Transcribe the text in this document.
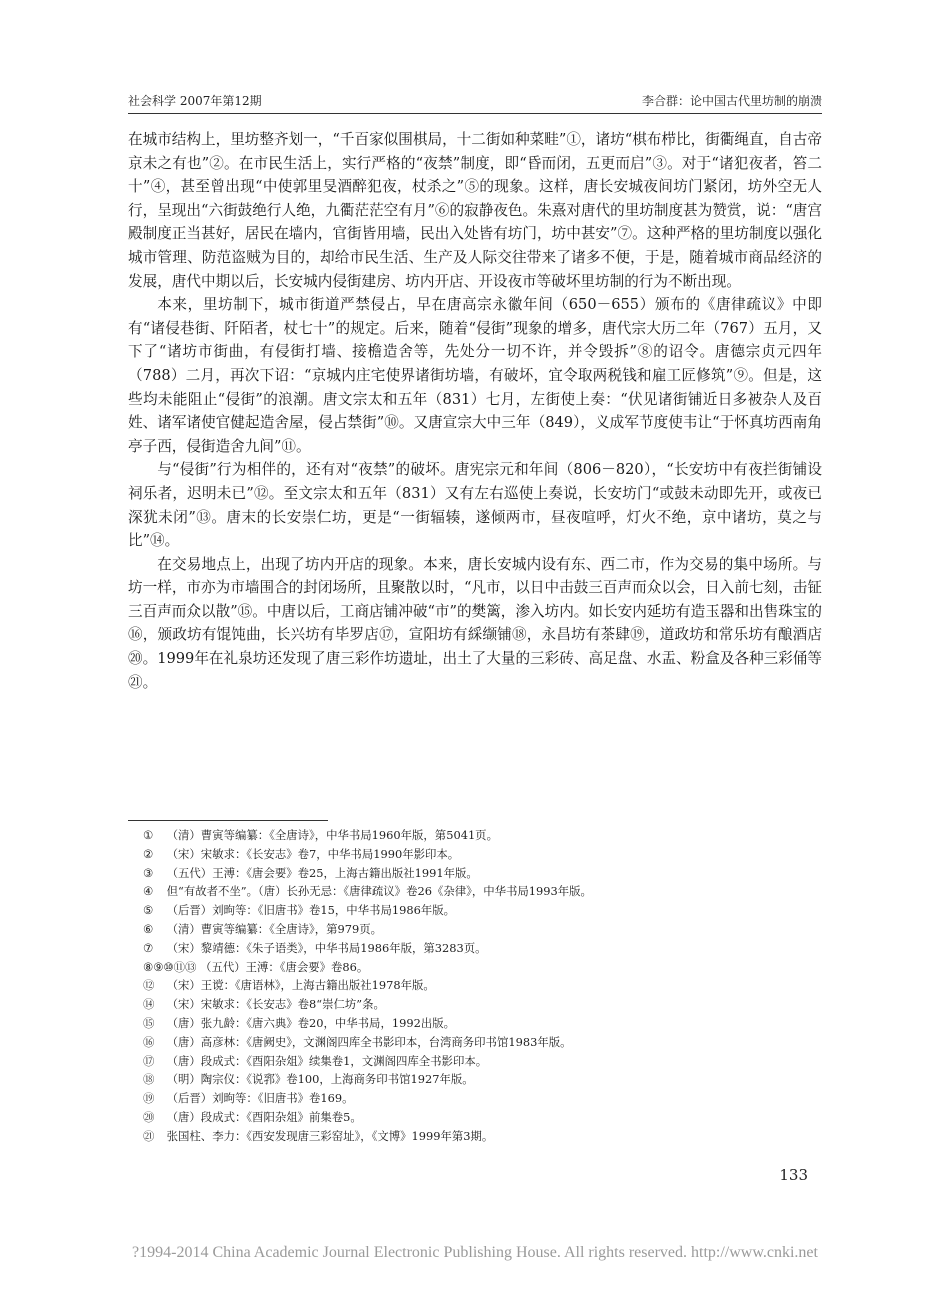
社会科学 2007年第12期	李合群：论中国古代里坊制的崩溃

在城市结构上，里坊整齐划一，“千百家似围棋局，十二街如种菜畦”①，诸坊“棋布栉比，街衢绳直，自古帝京未之有也”②。在市民生活上，实行严格的“夜禁”制度，即“昏而闭，五更而启”③。对于“诸犯夜者，笞二十”④，甚至曾出现“中使郭里旻酒醉犯夜，杖杀之”⑤的现象。这样，唐长安城夜间坊门紧闭，坊外空无人行，呈现出“六街鼓绝行人绝，九衢茫茫空有月”⑥的寂静夜色。朱熹对唐代的里坊制度甚为赞赏，说：“唐宫殿制度正当甚好，居民在墙内，官街皆用墙，民出入处皆有坊门，坊中甚安”⑦。这种严格的里坊制度以强化城市管理、防范盗贼为目的，却给市民生活、生产及人际交往带来了诸多不便，于是，随着城市商品经济的发展，唐代中期以后，长安城内侵街建房、坊内开店、开设夜市等破坏里坊制的行为不断出现。

本来，里坊制下，城市街道严禁侵占，早在唐高宗永徽年间（650－655）颁布的《唐律疏议》中即有“诸侵巷街、阡陌者，杖七十”的规定。后来，随着“侵街”现象的增多，唐代宗大历二年（767）五月，又下了“诸坊市街曲，有侵街打墙、接檐造舍等，先处分一切不许，并令毁拆”⑧的诏令。唐德宗贞元四年（788）二月，再次下诏：“京城内庄宅使界诸街坊墙，有破坏，宜令取两税钱和雇工匠修筑”⑨。但是，这些均未能阻止“侵街”的浪潮。唐文宗太和五年（831）七月，左街使上奏：“伏见诸街铺近日多被杂人及百姓、诸军诸使官健起造舍屋，侵占禁街”⑩。又唐宣宗大中三年（849），义成军节度使韦让“于怀真坊西南角亭子西，侵街造舍九间”⑪。

与“侵街”行为相伴的，还有对“夜禁”的破坏。唐宪宗元和年间（806－820），“长安坊中有夜拦街铺设祠乐者，迟明未已”⑫。至文宗太和五年（831）又有左右巡使上奏说，长安坊门“或鼓未动即先开，或夜已深犹未闭”⑬。唐末的长安崇仁坊，更是“一街辐辏，遂倾两市，昼夜喧呼，灯火不绝，京中诸坊，莫之与比”⑭。

在交易地点上，出现了坊内开店的现象。本来，唐长安城内设有东、西二市，作为交易的集中场所。与坊一样，市亦为市墙围合的封闭场所，且聚散以时，“凡市，以日中击鼓三百声而众以会，日入前七刻，击钲三百声而众以散”⑮。中唐以后，工商店铺冲破“市”的樊篱，渗入坊内。如长安内延坊有造玉器和出售珠宝的⑯，颁政坊有馄饨曲，长兴坊有毕罗店⑰，宣阳坊有綵缬铺⑱，永昌坊有茶肆⑲，道政坊和常乐坊有酿酒店⑳。1999年在礼泉坊还发现了唐三彩作坊遗址，出土了大量的三彩砖、高足盘、水盂、粉盒及各种三彩俑等㉑。

① （清）曹寅等编纂：《全唐诗》，中华书局1960年版，第5041页。
② （宋）宋敏求：《长安志》卷7，中华书局1990年影印本。
③ （五代）王溥：《唐会要》卷25，上海古籍出版社1991年版。
④ 但“有故者不坐”。（唐）长孙无忌：《唐律疏议》卷26《杂律》，中华书局1993年版。
⑤ （后晋）刘昫等：《旧唐书》卷15，中华书局1986年版。
⑥ （清）曹寅等编纂：《全唐诗》，第979页。
⑦ （宋）黎靖德：《朱子语类》，中华书局1986年版，第3283页。
⑧⑨⑩⑪⑬ （五代）王溥：《唐会要》卷86。
⑫ （宋）王谠：《唐语林》，上海古籍出版社1978年版。
⑭ （宋）宋敏求：《长安志》卷8“崇仁坊”条。
⑮ （唐）张九龄：《唐六典》卷20，中华书局，1992出版。
⑯ （唐）高彦林：《唐阙史》，文渊阁四库全书影印本，台湾商务印书馆1983年版。
⑰ （唐）段成式：《酉阳杂俎》续集卷1，文渊阁四库全书影印本。
⑱ （明）陶宗仪：《说郛》卷100，上海商务印书馆1927年版。
⑲ （后晋）刘昫等：《旧唐书》卷169。
⑳ （唐）段成式：《酉阳杂俎》前集卷5。
㉑ 张国柱、李力：《西安发现唐三彩窑址》，《文博》1999年第3期。
133
?1994-2014 China Academic Journal Electronic Publishing House. All rights reserved. http://www.cnki.net
